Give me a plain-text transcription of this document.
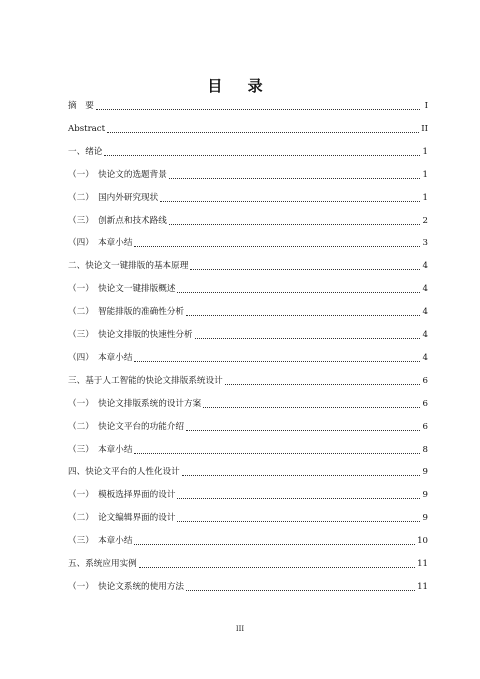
目 录
摘　要	I
Abstract	II
一、绪论	1
（一）　快论文的选题背景	1
（二）　国内外研究现状	1
（三）　创新点和技术路线	2
（四）　本章小结	3
二、快论文一键排版的基本原理	4
（一）　快论文一键排版概述	4
（二）　智能排版的准确性分析	4
（三）　快论文排版的快速性分析	4
（四）　本章小结	4
三、基于人工智能的快论文排版系统设计	6
（一）　快论文排版系统的设计方案	6
（二）　快论文平台的功能介绍	6
（三）　本章小结	8
四、快论文平台的人性化设计	9
（一）　模板选择界面的设计	9
（二）　论文编辑界面的设计	9
（三）　本章小结	10
五、系统应用实例	11
（一）　快论文系统的使用方法	11
III
